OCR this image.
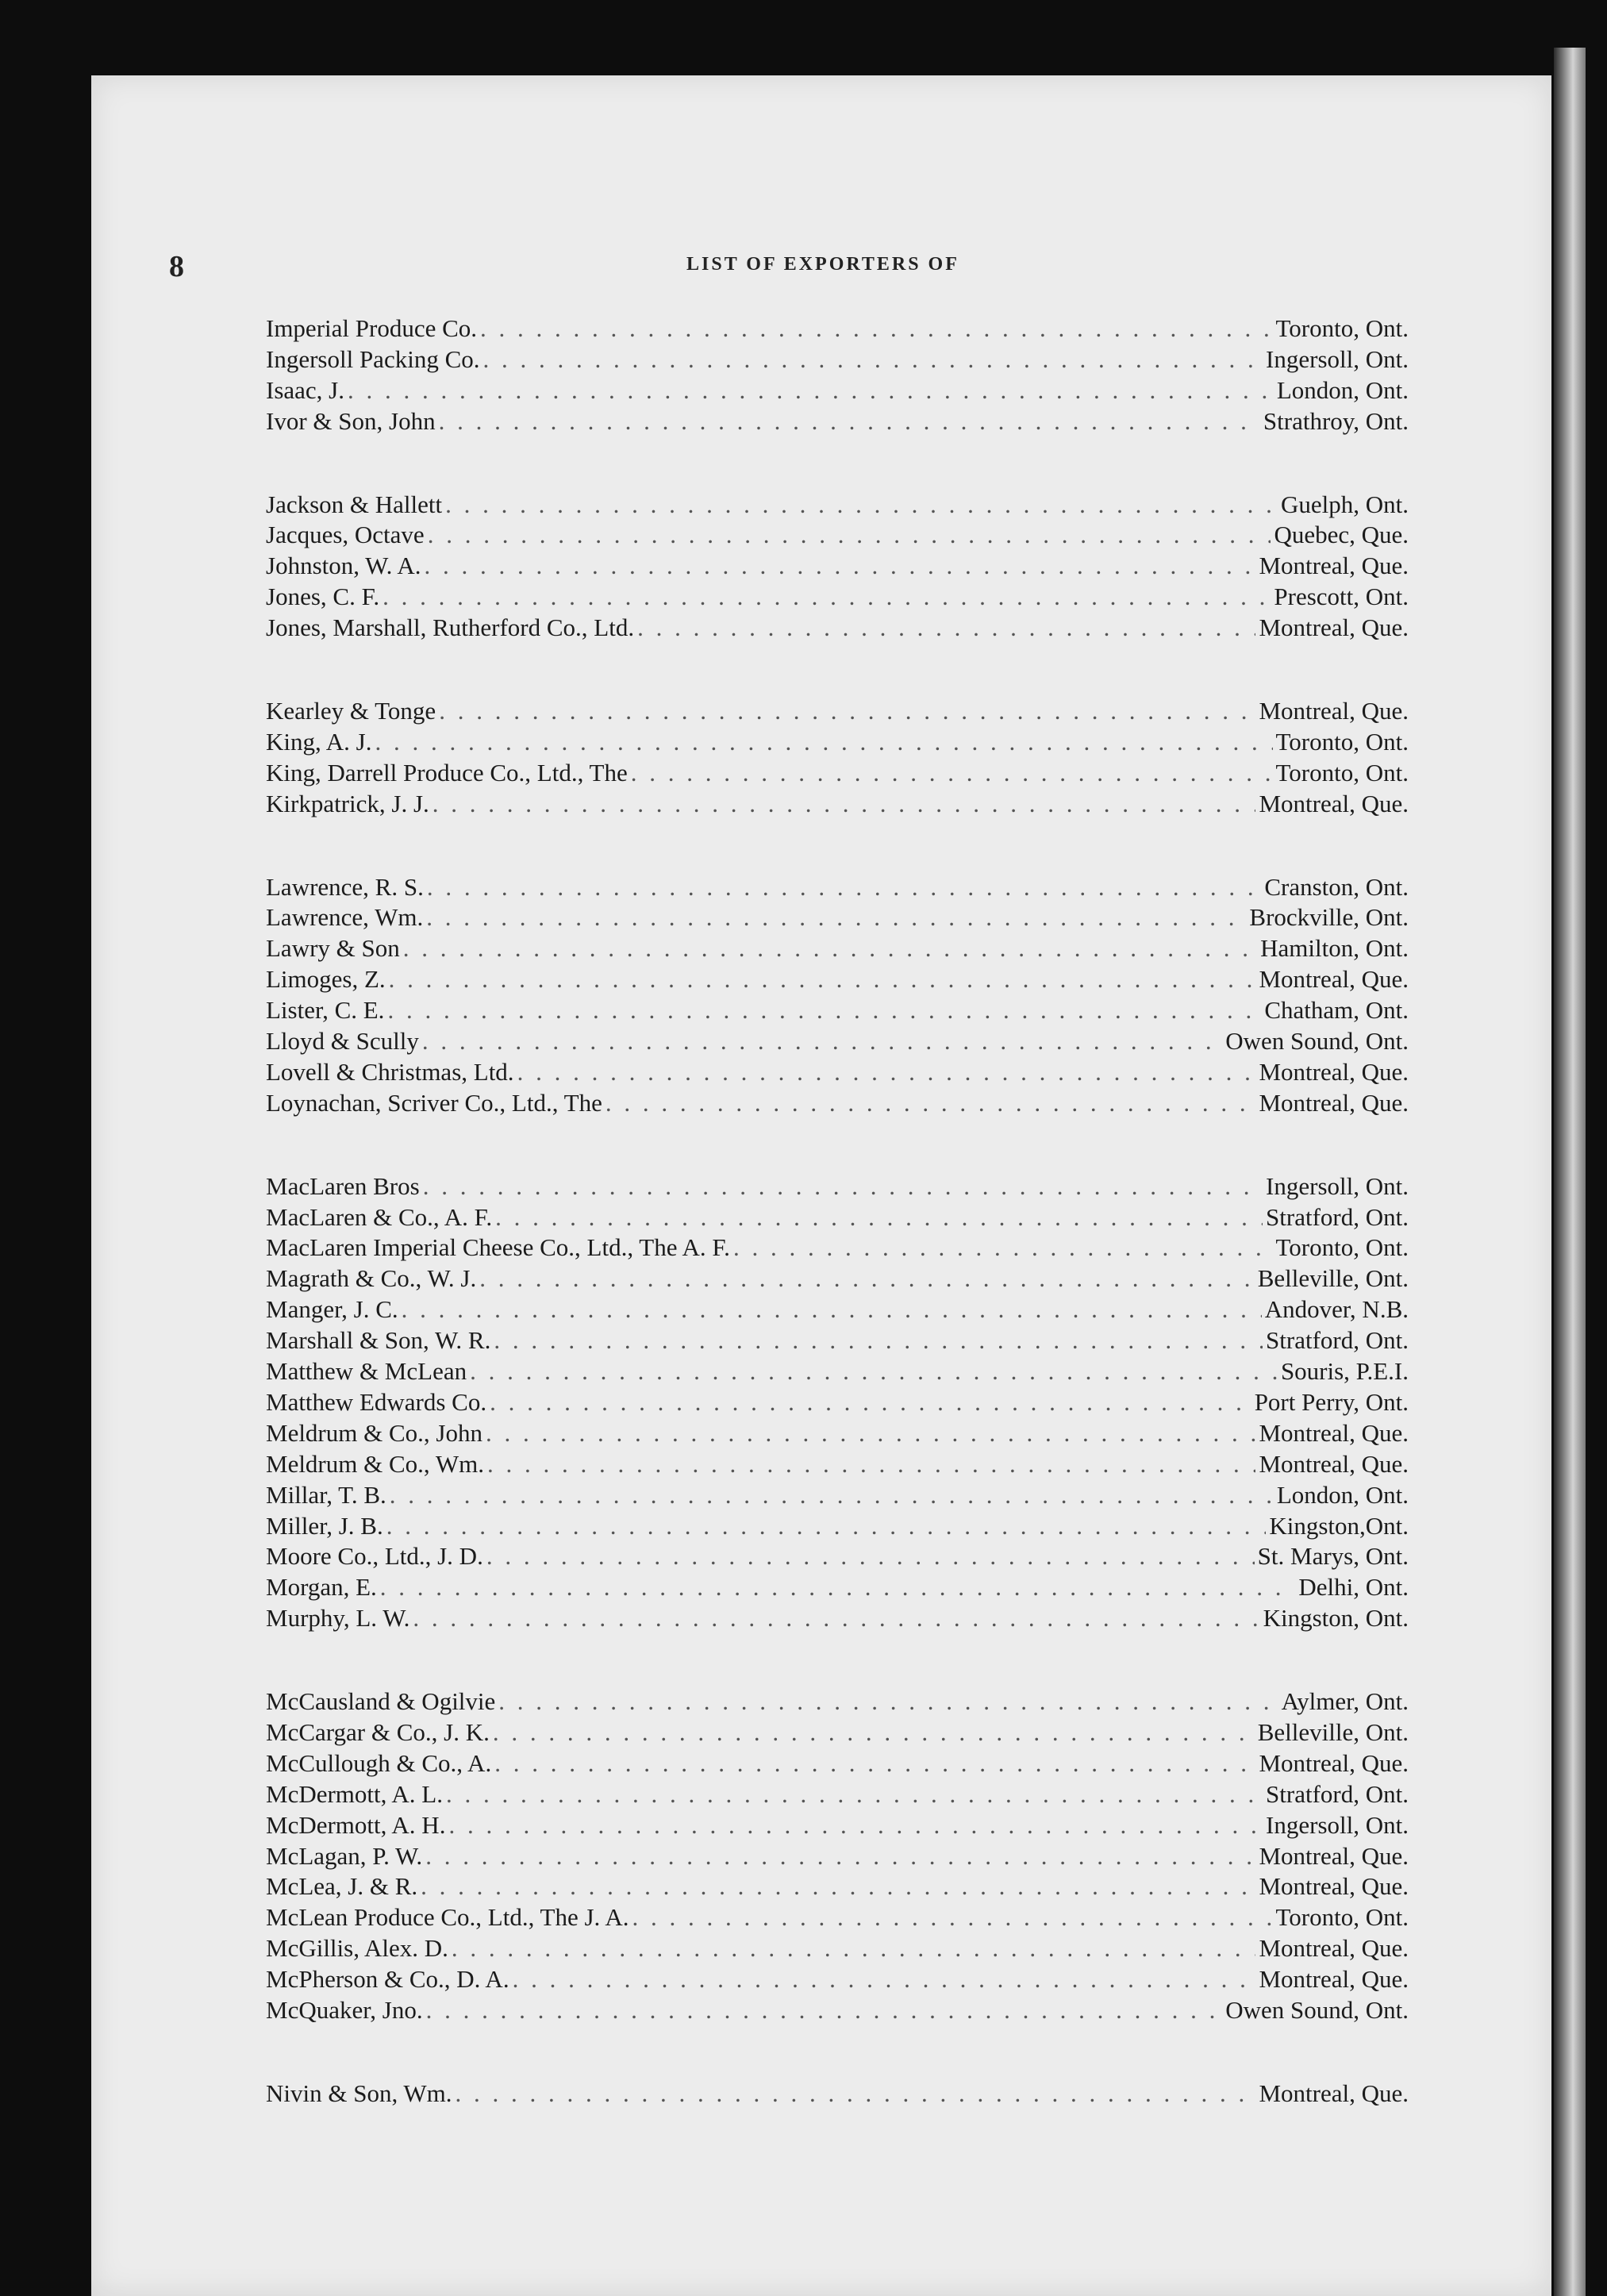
8	LIST OF EXPORTERS OF
Imperial Produce Co. . . .	Toronto, Ont.
Ingersoll Packing Co. . . .	Ingersoll, Ont.
Isaac, J. . . .	London, Ont.
Ivor & Son, John . . .	Strathroy, Ont.
Jackson & Hallett . . .	Guelph, Ont.
Jacques, Octave . . .	Quebec, Que.
Johnston, W. A. . . .	Montreal, Que.
Jones, C. F. . . .	Prescott, Ont.
Jones, Marshall, Rutherford Co., Ltd. . . .	Montreal, Que.
Kearley & Tonge . . .	Montreal, Que.
King, A. J. . . .	Toronto, Ont.
King, Darrell Produce Co., Ltd., The . . .	Toronto, Ont.
Kirkpatrick, J. J. . . .	Montreal, Que.
Lawrence, R. S. . . .	Cranston, Ont.
Lawrence, Wm. . . .	Brockville, Ont.
Lawry & Son . . .	Hamilton, Ont.
Limoges, Z. . . .	Montreal, Que.
Lister, C. E. . . .	Chatham, Ont.
Lloyd & Scully . . .	Owen Sound, Ont.
Lovell & Christmas, Ltd. . . .	Montreal, Que.
Loynachan, Scriver Co., Ltd., The . . .	Montreal, Que.
MacLaren Bros . . .	Ingersoll, Ont.
MacLaren & Co., A. F. . . .	Stratford, Ont.
MacLaren Imperial Cheese Co., Ltd., The A. F. . . .	Toronto, Ont.
Magrath & Co., W. J. . . .	Belleville, Ont.
Manger, J. C. . . .	Andover, N.B.
Marshall & Son, W. R. . . .	Stratford, Ont.
Matthew & McLean . . .	Souris, P.E.I.
Matthew Edwards Co. . . .	Port Perry, Ont.
Meldrum & Co., John . . .	Montreal, Que.
Meldrum & Co., Wm. . . .	Montreal, Que.
Millar, T. B. . . .	London, Ont.
Miller, J. B. . . .	Kingston,Ont.
Moore Co., Ltd., J. D. . . .	St. Marys, Ont.
Morgan, E. . . .	Delhi, Ont.
Murphy, L. W. . . .	Kingston, Ont.
McCausland & Ogilvie . . .	Aylmer, Ont.
McCargar & Co., J. K. . . .	Belleville, Ont.
McCullough & Co., A. . . .	Montreal, Que.
McDermott, A. L. . . .	Stratford, Ont.
McDermott, A. H. . . .	Ingersoll, Ont.
McLagan, P. W. . . .	Montreal, Que.
McLea, J. & R. . . .	Montreal, Que.
McLean Produce Co., Ltd., The J. A. . . .	Toronto, Ont.
McGillis, Alex. D. . . .	Montreal, Que.
McPherson & Co., D. A. . . .	Montreal, Que.
McQuaker, Jno. . . .	Owen Sound, Ont.
Nivin & Son, Wm. . . .	Montreal, Que.
